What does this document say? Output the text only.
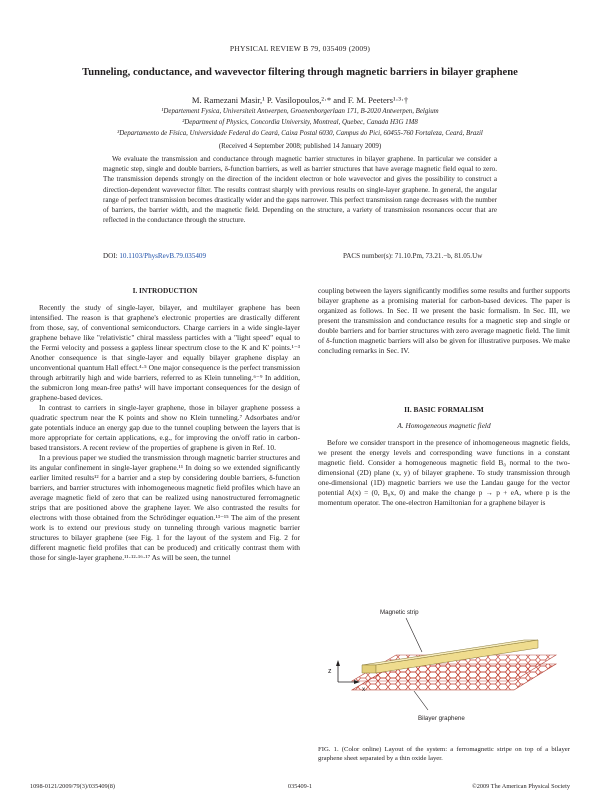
PHYSICAL REVIEW B 79, 035409 (2009)
Tunneling, conductance, and wavevector filtering through magnetic barriers in bilayer graphene
M. Ramezani Masir,¹ P. Vasilopoulos,²·* and F. M. Peeters¹·³·†
¹Departement Fysica, Universiteit Antwerpen, Groenenborgerlaan 171, B-2020 Antwerpen, Belgium
²Department of Physics, Concordia University, Montreal, Quebec, Canada H3G 1M8
³Departamento de Física, Universidade Federal do Ceará, Caixa Postal 6030, Campus do Pici, 60455-760 Fortaleza, Ceará, Brazil
(Received 4 September 2008; published 14 January 2009)
We evaluate the transmission and conductance through magnetic barrier structures in bilayer graphene. In particular we consider a magnetic step, single and double barriers, δ-function barriers, as well as barrier structures that have average magnetic field equal to zero. The transmission depends strongly on the direction of the incident electron or hole wavevector and gives the possibility to construct a direction-dependent wavevector filter. The results contrast sharply with previous results on single-layer graphene. In general, the angular range of perfect transmission becomes drastically wider and the gaps narrower. This perfect transmission range decreases with the number of barriers, the barrier width, and the magnetic field. Depending on the structure, a variety of transmission resonances occur that are reflected in the conductance through the structure.
DOI: 10.1103/PhysRevB.79.035409	PACS number(s): 71.10.Pm, 73.21.−b, 81.05.Uw
I. INTRODUCTION

Recently the study of single-layer, bilayer, and multilayer graphene has been intensified. The reason is that graphene's electronic properties are drastically different from those, say, of conventional semiconductors. Charge carriers in a wide single-layer graphene behave like "relativistic" chiral massless particles with a "light speed" equal to the Fermi velocity and possess a gapless linear spectrum close to the K and K' points.¹⁻³ Another consequence is that single-layer and equally bilayer graphene display an unconventional quantum Hall effect.⁴·⁵ One major consequence is the perfect transmission through arbitrarily high and wide barriers, referred to as Klein tunneling.⁶⁻⁹ In addition, the submicron long mean-free paths¹ will have important consequences for the design of graphene-based devices.

In contrast to carriers in single-layer graphene, those in bilayer graphene possess a quadratic spectrum near the K points and show no Klein tunneling.⁷ Adsorbates and/or gate potentials induce an energy gap due to the tunnel coupling between the layers that is more appropriate for certain applications, e.g., for improving the on/off ratio in carbon-based transistors. A recent review of the properties of graphene is given in Ref. 10.

In a previous paper we studied the transmission through magnetic barrier structures and its angular confinement in single-layer graphene.¹¹ In doing so we extended significantly earlier limited results¹² for a barrier and a step by considering double barriers, δ-function barriers, and barrier structures with inhomogeneous magnetic field profiles which have an average magnetic field of zero that can be realized using nanostructured ferromagnetic strips that are positioned above the graphene layer. We also contrasted the results for electrons with those obtained from the Schrödinger equation.¹³⁻¹⁵ The aim of the present work is to extend our previous study on tunneling through various magnetic barrier structures to bilayer graphene (see Fig. 1 for the layout of the system and Fig. 2 for different magnetic field profiles that can be produced) and critically contrast them with those for single-layer graphene.¹¹·¹²·¹⁶·¹⁷ As will be seen, the tunnel

coupling between the layers significantly modifies some results and further supports bilayer graphene as a promising material for carbon-based devices. The paper is organized as follows. In Sec. II we present the basic formalism. In Sec. III, we present the transmission and conductance results for a magnetic step and single or double barriers and for barrier structures with zero average magnetic field. The limit of δ-function magnetic barriers will also be given for illustrative purposes. We make concluding remarks in Sec. IV.

II. BASIC FORMALISM
A. Homogeneous magnetic field

Before we consider transport in the presence of inhomogeneous magnetic fields, we present the energy levels and corresponding wave functions in a constant magnetic field. Consider a homogeneous magnetic field B₀ normal to the two-dimensional (2D) plane (x, y) of bilayer graphene. To study transmission through one-dimensional (1D) magnetic barriers we use the Landau gauge for the vector potential A(x) = (0, B₀x, 0) and make the change p → p + eA, where p is the momentum operator. The one-electron Hamiltonian for a graphene bilayer is

Magnetic strip
z
x
Bilayer graphene
FIG. 1. (Color online) Layout of the system: a ferromagnetic stripe on top of a bilayer graphene sheet separated by a thin oxide layer.
1098-0121/2009/79(3)/035409(8)	035409-1	©2009 The American Physical Society
